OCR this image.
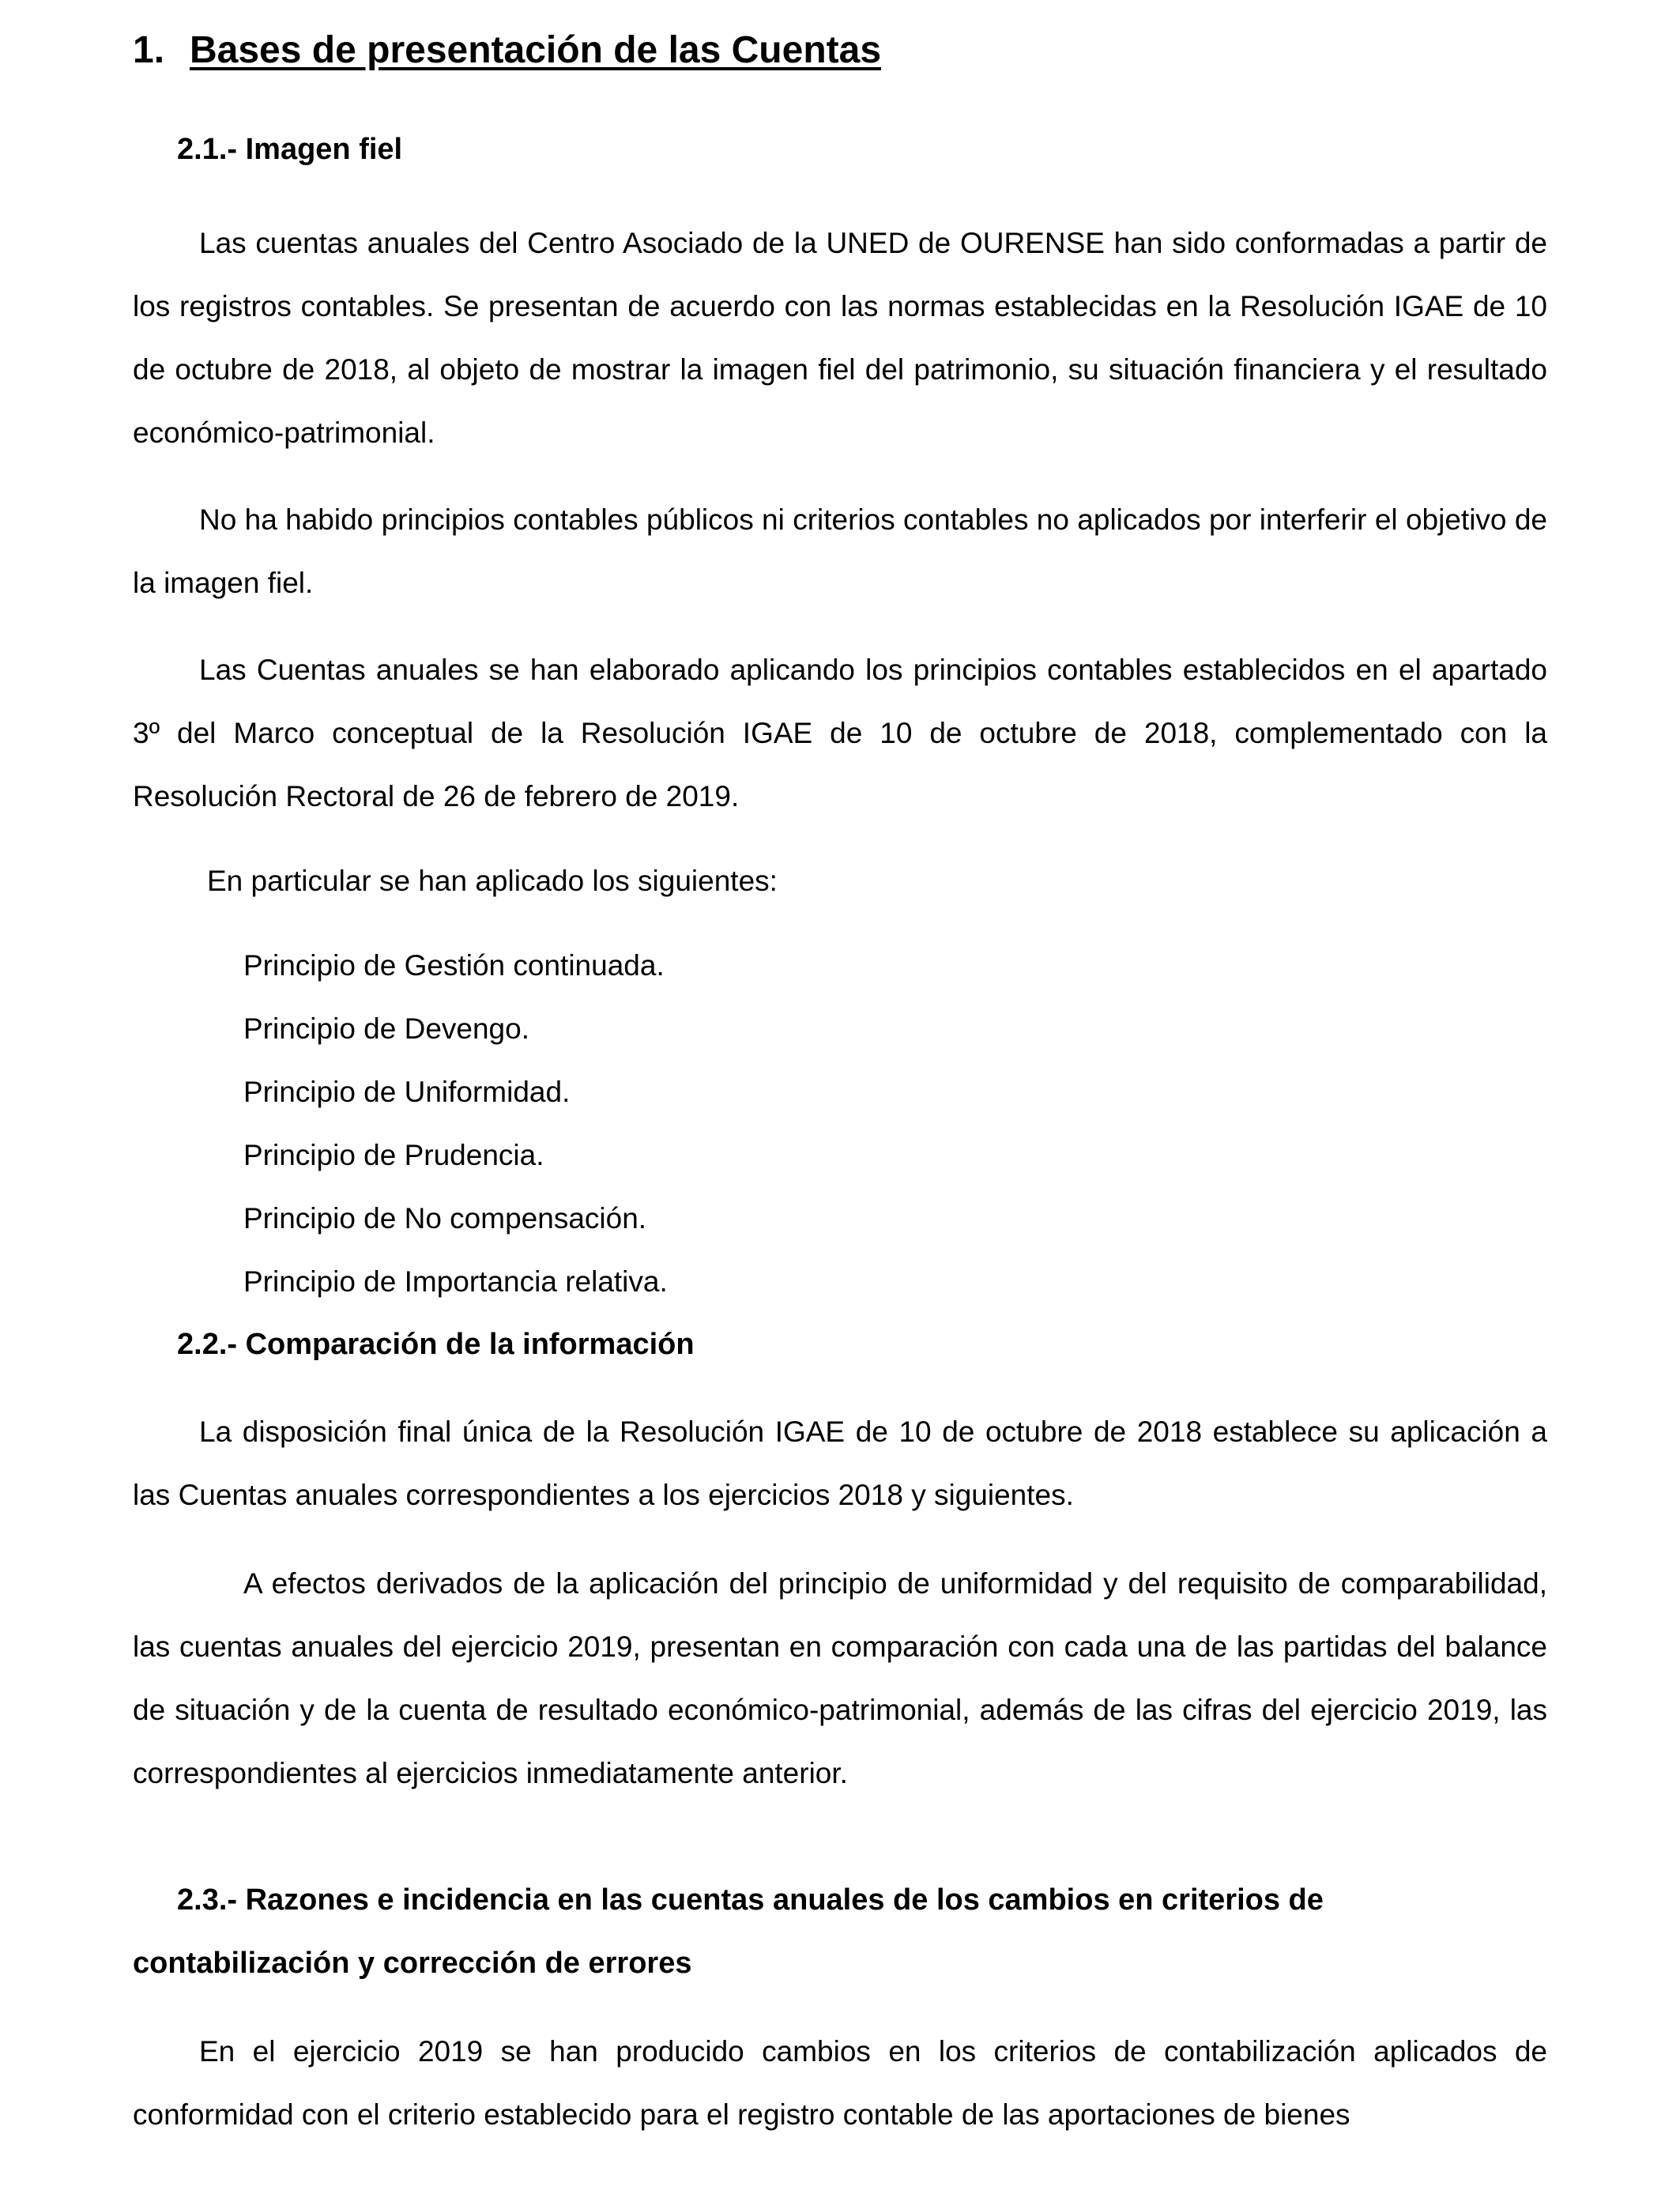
1. Bases de presentación de las Cuentas
2.1.- Imagen fiel
Las cuentas anuales del Centro Asociado de la UNED de OURENSE han sido conformadas a partir de los registros contables. Se presentan de acuerdo con las normas establecidas en la Resolución IGAE de 10 de octubre de 2018, al objeto de mostrar la imagen fiel del patrimonio, su situación financiera y el resultado económico-patrimonial.
No ha habido principios contables públicos ni criterios contables no aplicados por interferir el objetivo de la imagen fiel.
Las Cuentas anuales se han elaborado aplicando los principios contables establecidos en el apartado 3º del Marco conceptual de la Resolución IGAE de 10 de octubre de 2018, complementado con la Resolución Rectoral de 26 de febrero de 2019.
En particular se han aplicado los siguientes:
Principio de Gestión continuada.
Principio de Devengo.
Principio de Uniformidad.
Principio de Prudencia.
Principio de No compensación.
Principio de Importancia relativa.
2.2.- Comparación de la información
La disposición final única de la Resolución IGAE de 10 de octubre de 2018 establece su aplicación a las Cuentas anuales correspondientes a los ejercicios 2018 y siguientes.
A efectos derivados de la aplicación del principio de uniformidad y del requisito de comparabilidad, las cuentas anuales del ejercicio 2019, presentan en comparación con cada una de las partidas del balance de situación y de la cuenta de resultado económico-patrimonial, además de las cifras del ejercicio 2019, las correspondientes al ejercicios inmediatamente anterior.
2.3.- Razones e incidencia en las cuentas anuales de los cambios en criterios de contabilización y corrección de errores
En el ejercicio 2019 se han producido cambios en los criterios de contabilización aplicados de conformidad con el criterio establecido para el registro contable de las aportaciones de bienes
